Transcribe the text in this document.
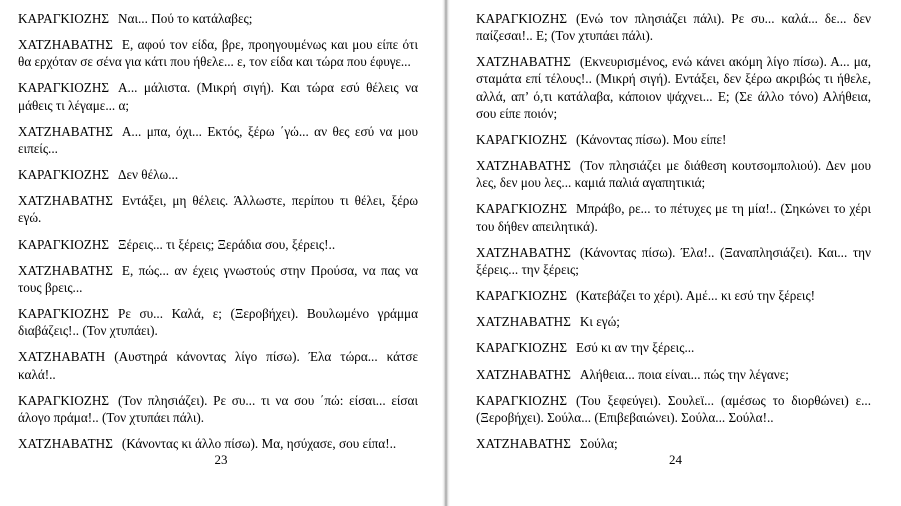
ΚΑΡΑΓΚΙΟΖΗΣ Ναι... Πού το κατάλαβες;

ΧΑΤΖΗΑΒΑΤΗΣ Ε, αφού τον είδα, βρε, προηγουμένως και μου είπε ότι θα ερχόταν σε σένα για κάτι που ήθελε... ε, τον είδα και τώρα που έφυγε...

ΚΑΡΑΓΚΙΟΖΗΣ Α... μάλιστα. (Μικρή σιγή). Και τώρα εσύ θέλεις να μάθεις τι λέγαμε... α;

ΧΑΤΖΗΑΒΑΤΗΣ Α... μπα, όχι... Εκτός, ξέρω ΄γώ... αν θες εσύ να μου ειπείς...

ΚΑΡΑΓΚΙΟΖΗΣ Δεν θέλω...

ΧΑΤΖΗΑΒΑΤΗΣ Εντάξει, μη θέλεις. Άλλωστε, περίπου τι θέλει, ξέρω εγώ.

ΚΑΡΑΓΚΙΟΖΗΣ Ξέρεις... τι ξέρεις; Ξεράδια σου, ξέρεις!..

ΧΑΤΖΗΑΒΑΤΗΣ Ε, πώς... αν έχεις γνωστούς στην Προύσα, να πας να τους βρεις...

ΚΑΡΑΓΚΙΟΖΗΣ Ρε συ... Καλά, ε; (Ξεροβήχει). Βουλωμένο γράμμα διαβάζεις!.. (Τον χτυπάει).

ΧΑΤΖΗΑΒΑΤΗ (Αυστηρά κάνοντας λίγο πίσω). Έλα τώρα... κάτσε καλά!..

ΚΑΡΑΓΚΙΟΖΗΣ (Τον πλησιάζει). Ρε συ... τι να σου ΄πώ: είσαι... είσαι άλογο πράμα!.. (Τον χτυπάει πάλι).

ΧΑΤΖΗΑΒΑΤΗΣ (Κάνοντας κι άλλο πίσω). Μα, ησύχασε, σου είπα!..

23

ΚΑΡΑΓΚΙΟΖΗΣ (Ενώ τον πλησιάζει πάλι). Ρε συ... καλά... δε... δεν παίζεσαι!.. Ε; (Τον χτυπάει πάλι).

ΧΑΤΖΗΑΒΑΤΗΣ (Εκνευρισμένος, ενώ κάνει ακόμη λίγο πίσω). Α... μα, σταμάτα επί τέλους!.. (Μικρή σιγή). Εντάξει, δεν ξέρω ακριβώς τι ήθελε, αλλά, απ’ ό,τι κατάλαβα, κάποιον ψάχνει... Ε; (Σε άλλο τόνο) Αλήθεια, σου είπε ποιόν;

ΚΑΡΑΓΚΙΟΖΗΣ (Κάνοντας πίσω). Μου είπε!

ΧΑΤΖΗΑΒΑΤΗΣ (Τον πλησιάζει με διάθεση κουτσομπολιού). Δεν μου λες, δεν μου λες... καμιά παλιά αγαπητικιά;

ΚΑΡΑΓΚΙΟΖΗΣ Μπράβο, ρε... το πέτυχες με τη μία!.. (Σηκώνει το χέρι του δήθεν απειλητικά).

ΧΑΤΖΗΑΒΑΤΗΣ (Κάνοντας πίσω). Έλα!.. (Ξαναπλησιάζει). Και... την ξέρεις... την ξέρεις;

ΚΑΡΑΓΚΙΟΖΗΣ (Κατεβάζει το χέρι). Αμέ... κι εσύ την ξέρεις!

ΧΑΤΖΗΑΒΑΤΗΣ Κι εγώ;

ΚΑΡΑΓΚΙΟΖΗΣ Εσύ κι αν την ξέρεις...

ΧΑΤΖΗΑΒΑΤΗΣ Αλήθεια... ποια είναι... πώς την λέγανε;

ΚΑΡΑΓΚΙΟΖΗΣ (Του ξεφεύγει). Σουλεϊ... (αμέσως το διορθώνει) ε... (Ξεροβήχει). Σούλα... (Επιβεβαιώνει). Σούλα... Σούλα!..

ΧΑΤΖΗΑΒΑΤΗΣ Σούλα;

24
